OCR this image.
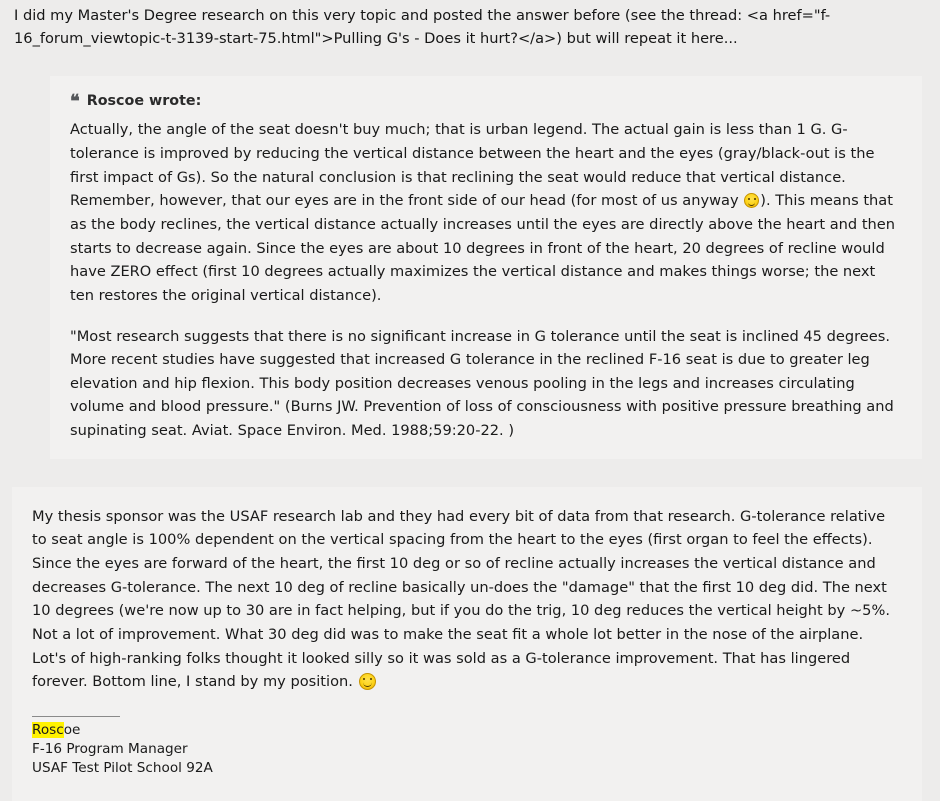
I did my Master's Degree research on this very topic and posted the answer before (see the thread: <a href="f-16_forum_viewtopic-t-3139-start-75.html">Pulling G's - Does it hurt?</a>) but will repeat it here...
❝ Roscoe wrote:

Actually, the angle of the seat doesn't buy much; that is urban legend. The actual gain is less than 1 G. G-tolerance is improved by reducing the vertical distance between the heart and the eyes (gray/black-out is the first impact of Gs). So the natural conclusion is that reclining the seat would reduce that vertical distance. Remember, however, that our eyes are in the front side of our head (for most of us anyway ). This means that as the body reclines, the vertical distance actually increases until the eyes are directly above the heart and then starts to decrease again. Since the eyes are about 10 degrees in front of the heart, 20 degrees of recline would have ZERO effect (first 10 degrees actually maximizes the vertical distance and makes things worse; the next ten restores the original vertical distance).

"Most research suggests that there is no significant increase in G tolerance until the seat is inclined 45 degrees. More recent studies have suggested that increased G tolerance in the reclined F-16 seat is due to greater leg elevation and hip flexion. This body position decreases venous pooling in the legs and increases circulating volume and blood pressure." (Burns JW. Prevention of loss of consciousness with positive pressure breathing and supinating seat. Aviat. Space Environ. Med. 1988;59:20-22. )

My thesis sponsor was the USAF research lab and they had every bit of data from that research. G-tolerance relative to seat angle is 100% dependent on the vertical spacing from the heart to the eyes (first organ to feel the effects). Since the eyes are forward of the heart, the first 10 deg or so of recline actually increases the vertical distance and decreases G-tolerance. The next 10 deg of recline basically un-does the "damage" that the first 10 deg did. The next 10 degrees (we're now up to 30 are in fact helping, but if you do the trig, 10 deg reduces the vertical height by ~5%. Not a lot of improvement. What 30 deg did was to make the seat fit a whole lot better in the nose of the airplane. Lot's of high-ranking folks thought it looked silly so it was sold as a G-tolerance improvement. That has lingered forever. Bottom line, I stand by my position.

Roscoe
F-16 Program Manager
USAF Test Pilot School 92A
